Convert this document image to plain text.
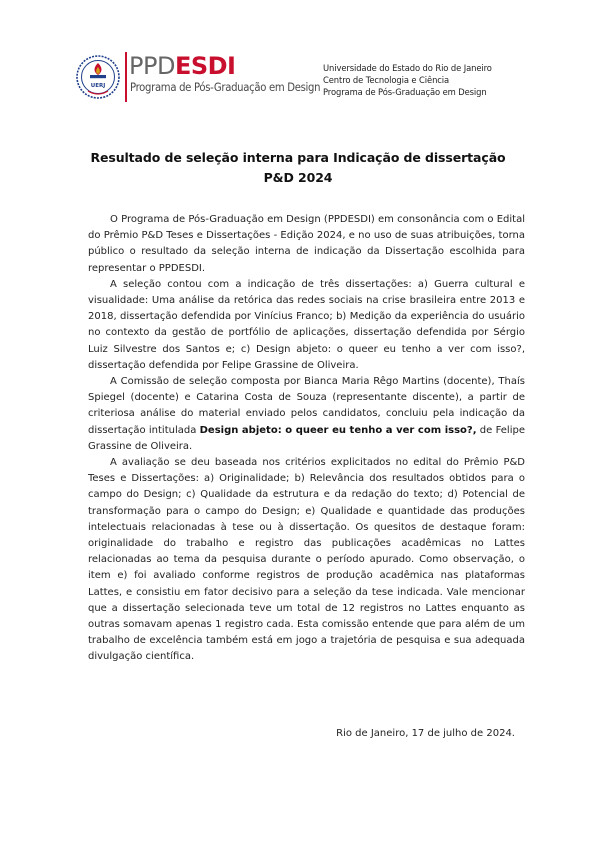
UERJ
PPDESDI
Programa de Pós-Graduação em Design
Universidade do Estado do Rio de Janeiro
Centro de Tecnologia e Ciência
Programa de Pós-Graduação em Design
Resultado de seleção interna para Indicação de dissertação
P&D 2024

O Programa de Pós-Graduação em Design (PPDESDI) em consonância com o Edital do Prêmio P&D Teses e Dissertações - Edição 2024, e no uso de suas atribuições, torna público o resultado da seleção interna de indicação da Dissertação escolhida para representar o PPDESDI.

A seleção contou com a indicação de três dissertações: a) Guerra cultural e visualidade: Uma análise da retórica das redes sociais na crise brasileira entre 2013 e 2018, dissertação defendida por Vinícius Franco; b) Medição da experiência do usuário no contexto da gestão de portfólio de aplicações, dissertação defendida por Sérgio Luiz Silvestre dos Santos e; c) Design abjeto: o queer eu tenho a ver com isso?, dissertação defendida por Felipe Grassine de Oliveira.

A Comissão de seleção composta por Bianca Maria Rêgo Martins (docente), Thaís Spiegel (docente) e Catarina Costa de Souza (representante discente), a partir de criteriosa análise do material enviado pelos candidatos, concluiu pela indicação da dissertação intitulada Design abjeto: o queer eu tenho a ver com isso?, de Felipe Grassine de Oliveira.

A avaliação se deu baseada nos critérios explicitados no edital do Prêmio P&D Teses e Dissertações: a) Originalidade; b) Relevância dos resultados obtidos para o campo do Design; c) Qualidade da estrutura e da redação do texto; d) Potencial de transformação para o campo do Design; e) Qualidade e quantidade das produções intelectuais relacionadas à tese ou à dissertação. Os quesitos de destaque foram: originalidade do trabalho e registro das publicações acadêmicas no Lattes relacionadas ao tema da pesquisa durante o período apurado. Como observação, o item e) foi avaliado conforme registros de produção acadêmica nas plataformas Lattes, e consistiu em fator decisivo para a seleção da tese indicada. Vale mencionar que a dissertação selecionada teve um total de 12 registros no Lattes enquanto as outras somavam apenas 1 registro cada. Esta comissão entende que para além de um trabalho de excelência também está em jogo a trajetória de pesquisa e sua adequada divulgação científica.

Rio de Janeiro, 17 de julho de 2024.
